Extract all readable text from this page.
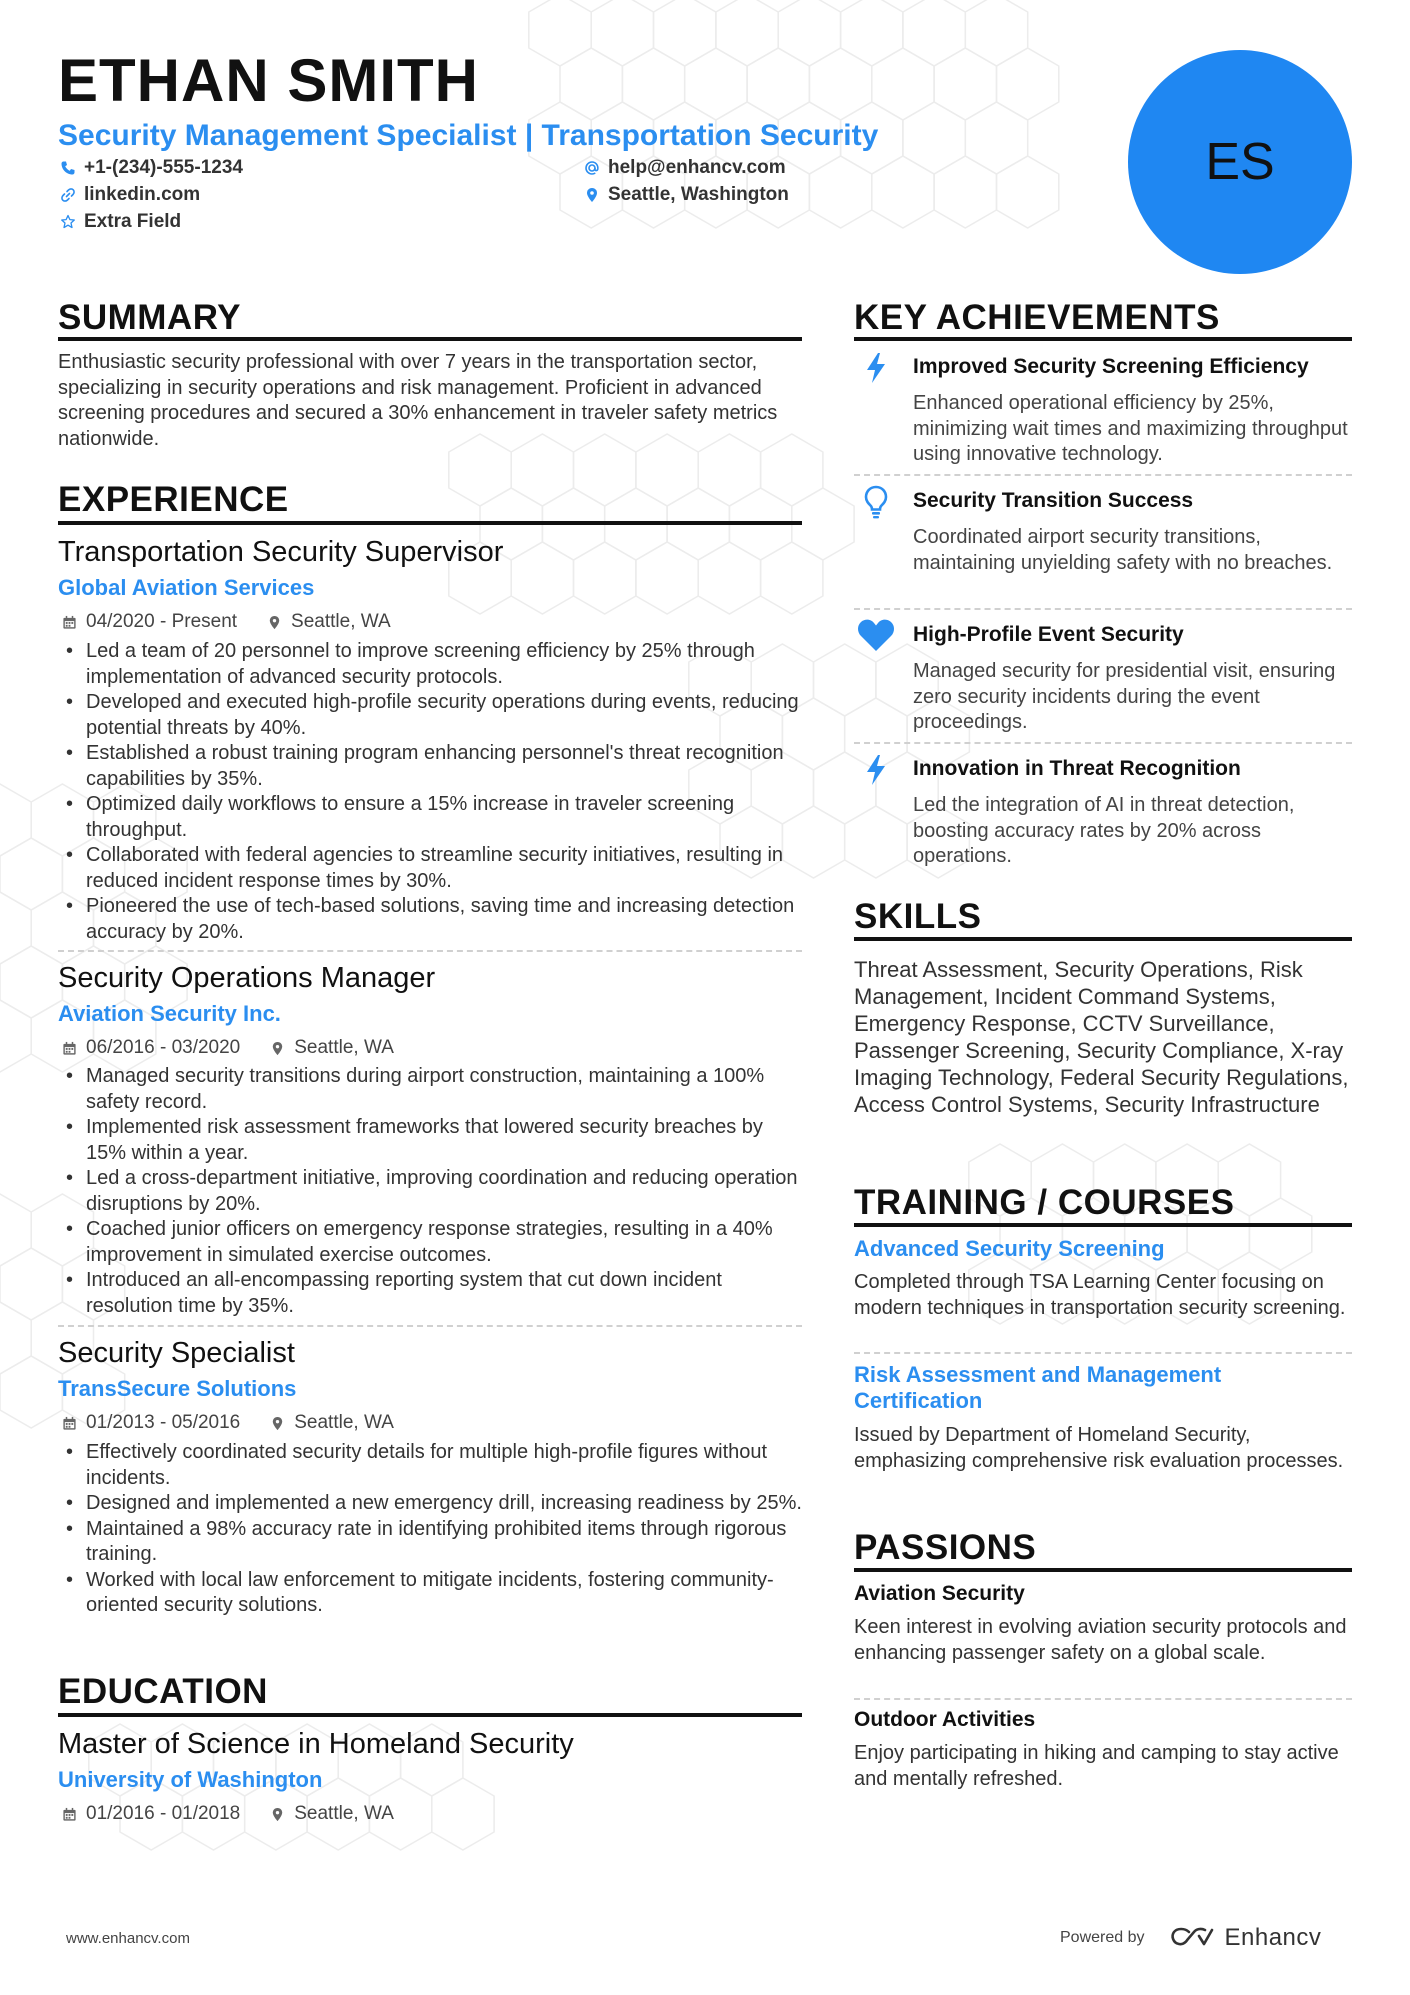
ETHAN SMITH
Security Management Specialist | Transportation Security
+1-(234)-555-1234	help@enhancv.com
linkedin.com	Seattle, Washington
Extra Field
ES
SUMMARY
Enthusiastic security professional with over 7 years in the transportation sector, specializing in security operations and risk management. Proficient in advanced screening procedures and secured a 30% enhancement in traveler safety metrics nationwide.
EXPERIENCE
Transportation Security Supervisor
Global Aviation Services
04/2020 - Present	Seattle, WA
• Led a team of 20 personnel to improve screening efficiency by 25% through implementation of advanced security protocols.
• Developed and executed high-profile security operations during events, reducing potential threats by 40%.
• Established a robust training program enhancing personnel's threat recognition capabilities by 35%.
• Optimized daily workflows to ensure a 15% increase in traveler screening throughput.
• Collaborated with federal agencies to streamline security initiatives, resulting in reduced incident response times by 30%.
• Pioneered the use of tech-based solutions, saving time and increasing detection accuracy by 20%.
Security Operations Manager
Aviation Security Inc.
06/2016 - 03/2020	Seattle, WA
• Managed security transitions during airport construction, maintaining a 100% safety record.
• Implemented risk assessment frameworks that lowered security breaches by 15% within a year.
• Led a cross-department initiative, improving coordination and reducing operation disruptions by 20%.
• Coached junior officers on emergency response strategies, resulting in a 40% improvement in simulated exercise outcomes.
• Introduced an all-encompassing reporting system that cut down incident resolution time by 35%.
Security Specialist
TransSecure Solutions
01/2013 - 05/2016	Seattle, WA
• Effectively coordinated security details for multiple high-profile figures without incidents.
• Designed and implemented a new emergency drill, increasing readiness by 25%.
• Maintained a 98% accuracy rate in identifying prohibited items through rigorous training.
• Worked with local law enforcement to mitigate incidents, fostering community-oriented security solutions.
EDUCATION
Master of Science in Homeland Security
University of Washington
01/2016 - 01/2018	Seattle, WA
KEY ACHIEVEMENTS
Improved Security Screening Efficiency
Enhanced operational efficiency by 25%, minimizing wait times and maximizing throughput using innovative technology.
Security Transition Success
Coordinated airport security transitions, maintaining unyielding safety with no breaches.
High-Profile Event Security
Managed security for presidential visit, ensuring zero security incidents during the event proceedings.
Innovation in Threat Recognition
Led the integration of AI in threat detection, boosting accuracy rates by 20% across operations.
SKILLS
Threat Assessment, Security Operations, Risk Management, Incident Command Systems, Emergency Response, CCTV Surveillance, Passenger Screening, Security Compliance, X-ray Imaging Technology, Federal Security Regulations, Access Control Systems, Security Infrastructure
TRAINING / COURSES
Advanced Security Screening
Completed through TSA Learning Center focusing on modern techniques in transportation security screening.
Risk Assessment and Management Certification
Issued by Department of Homeland Security, emphasizing comprehensive risk evaluation processes.
PASSIONS
Aviation Security
Keen interest in evolving aviation security protocols and enhancing passenger safety on a global scale.
Outdoor Activities
Enjoy participating in hiking and camping to stay active and mentally refreshed.
www.enhancv.com	Powered by	Enhancv
